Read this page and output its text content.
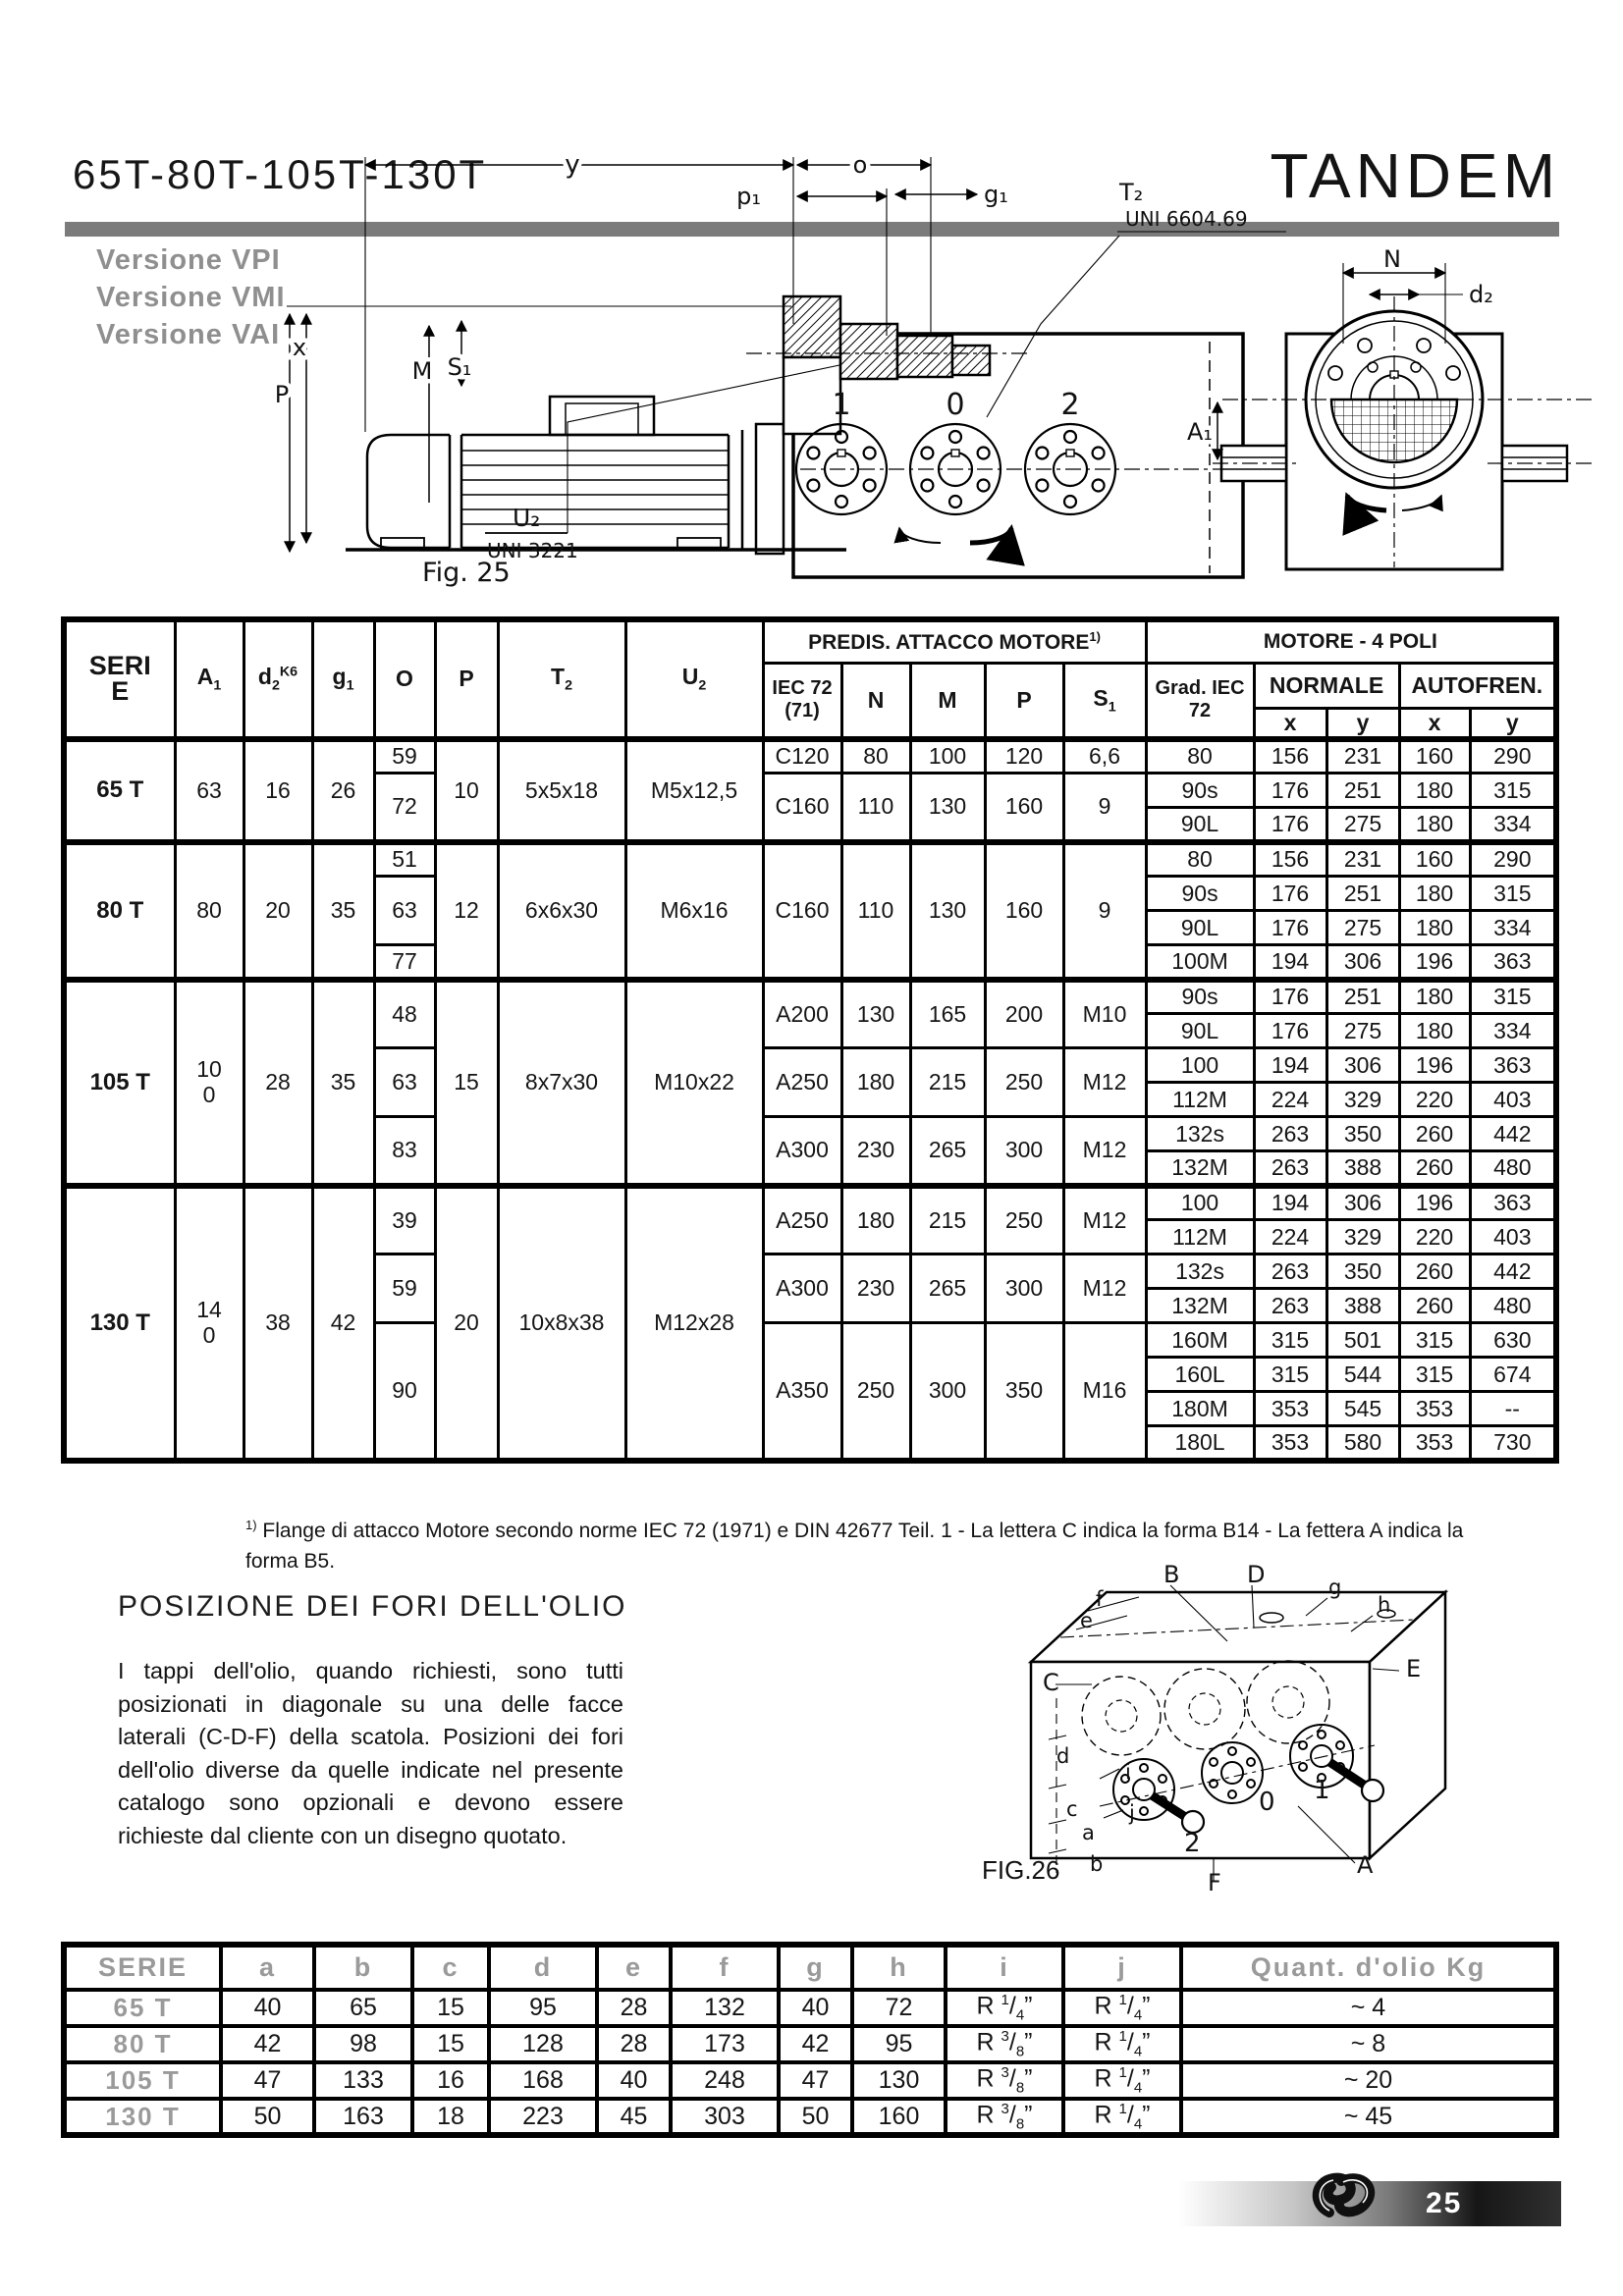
65T-80T-105T-130T	TANDEM
Versione VPI
Versione VMI
Versione VAI
y	o
p₁	g₁	T₂
UNI 6604.69
x
M S₁
P
U₂
UNI 3221
1	0	2
N
d₂
A₁
Fig. 25
SERIE	$A_1$	$d_2^{K6}$	$g_1$	O	P	$T_2$	$U_2$	PREDIS. ATTACCO MOTORE$^{1)}$					MOTORE - 4 POLI				
								IEC 72 (71)	N	M	P	$S_1$	Grad. IEC 72	NORMALE		AUTOFREN.	
														x	y	x	y
65 T	63	16	26	59	10	5x5x18	M5x12,5	C120	80	100	120	6,6	80	156	231	160	290
				72				C160	110	130	160	9	90s	176	251	180	315
													90L	176	275	180	334
80 T	80	20	35	51	12	6x6x30	M6x16	C160	110	130	160	9	80	156	231	160	290
				63									90s	176	251	180	315
													90L	176	275	180	334
				77									100M	194	306	196	363
105 T	100	28	35	48	15	8x7x30	M10x22	A200	130	165	200	M10	90s	176	251	180	315
													90L	176	275	180	334
				63				A250	180	215	250	M12	100	194	306	196	363
													112M	224	329	220	403
				83				A300	230	265	300	M12	132s	263	350	260	442
													132M	263	388	260	480
130 T	140	38	42	39	20	10x8x38	M12x28	A250	180	215	250	M12	100	194	306	196	363
													112M	224	329	220	403
				59				A300	230	265	300	M12	132s	263	350	260	442
													132M	263	388	260	480
				90				A350	250	300	350	M16	160M	315	501	315	630
													160L	315	544	315	674
													180M	353	545	353	--
													180L	353	580	353	730
$^{1)}$ Flange di attacco Motore secondo norme IEC 72 (1971) e DIN 42677 Teil. 1 - La lettera C indica la forma B14 - La fettera A indica la forma B5.
POSIZIONE DEI FORI DELL'OLIO
I tappi dell'olio, quando richiesti, sono tutti posizionati in diagonale su una delle facce laterali (C-D-F) della scatola. Posizioni dei fori dell'olio diverse da quelle indicate nel presente catalogo sono opzionali e devono essere richieste dal cliente con un disegno quotato.
B	D	g
h
f
e
C	E
d
c
a
b
i
j
F
A
2
0 1
FIG.26
SERIE	a	b	c	d	e	f	g	h	i	j	Quant. d'olio Kg
65 T	40	65	15	95	28	132	40	72	R $^1/_4$”	R $^1/_4$”	~ 4
80 T	42	98	15	128	28	173	42	95	R $^3/_8$”	R $^1/_4$”	~ 8
105 T	47	133	16	168	40	248	47	130	R $^3/_8$”	R $^1/_4$”	~ 20
130 T	50	163	18	223	45	303	50	160	R $^3/_8$”	R $^1/_4$”	~ 45
25
